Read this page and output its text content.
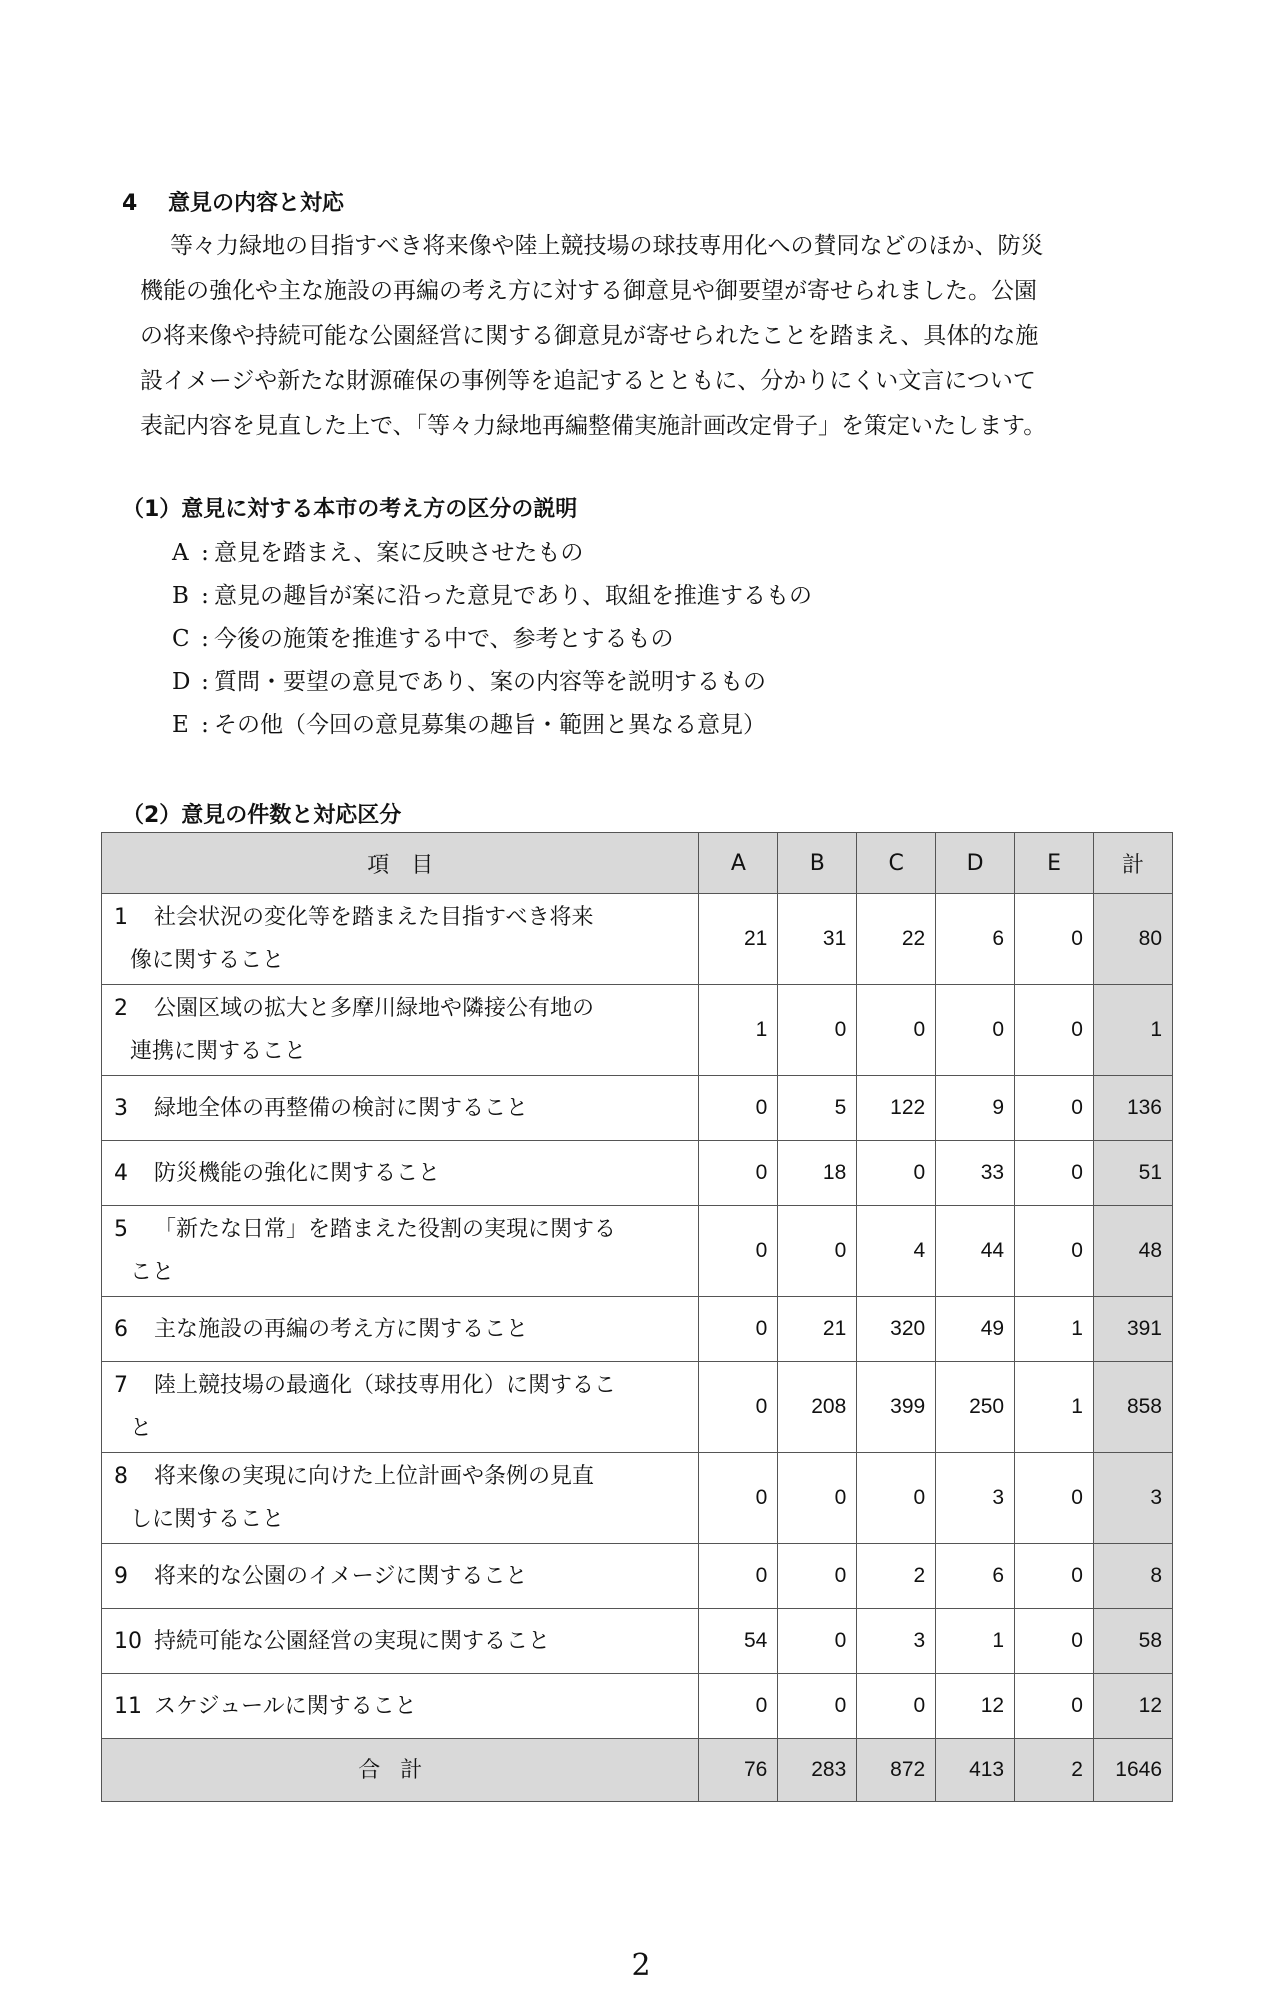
4 意見の内容と対応
等々力緑地の目指すべき将来像や陸上競技場の球技専用化への賛同などのほか、防災
機能の強化や主な施設の再編の考え方に対する御意見や御要望が寄せられました。公園
の将来像や持続可能な公園経営に関する御意見が寄せられたことを踏まえ、具体的な施
設イメージや新たな財源確保の事例等を追記するとともに、分かりにくい文言について
表記内容を見直した上で、「等々力緑地再編整備実施計画改定骨子」を策定いたします。
（1）意見に対する本市の考え方の区分の説明
A : 意見を踏まえ、案に反映させたもの
B : 意見の趣旨が案に沿った意見であり、取組を推進するもの
C : 今後の施策を推進する中で、参考とするもの
D : 質問・要望の意見であり、案の内容等を説明するもの
E : その他（今回の意見募集の趣旨・範囲と異なる意見）
（2）意見の件数と対応区分
項　目	A	B	C	D	E	計
1 社会状況の変化等を踏まえた目指すべき将来
像に関すること	21	31	22	6	0	80
2 公園区域の拡大と多摩川緑地や隣接公有地の
連携に関すること	1	0	0	0	0	1
3 緑地全体の再整備の検討に関すること	0	5	122	9	0	136
4 防災機能の強化に関すること	0	18	0	33	0	51
5 「新たな日常」を踏まえた役割の実現に関する
こと	0	0	4	44	0	48
6 主な施設の再編の考え方に関すること	0	21	320	49	1	391
7 陸上競技場の最適化（球技専用化）に関するこ
と	0	208	399	250	1	858
8 将来像の実現に向けた上位計画や条例の見直
しに関すること	0	0	0	3	0	3
9 将来的な公園のイメージに関すること	0	0	2	6	0	8
10 持続可能な公園経営の実現に関すること	54	0	3	1	0	58
11 スケジュールに関すること	0	0	0	12	0	12
合計	76	283	872	413	2	1646
2
